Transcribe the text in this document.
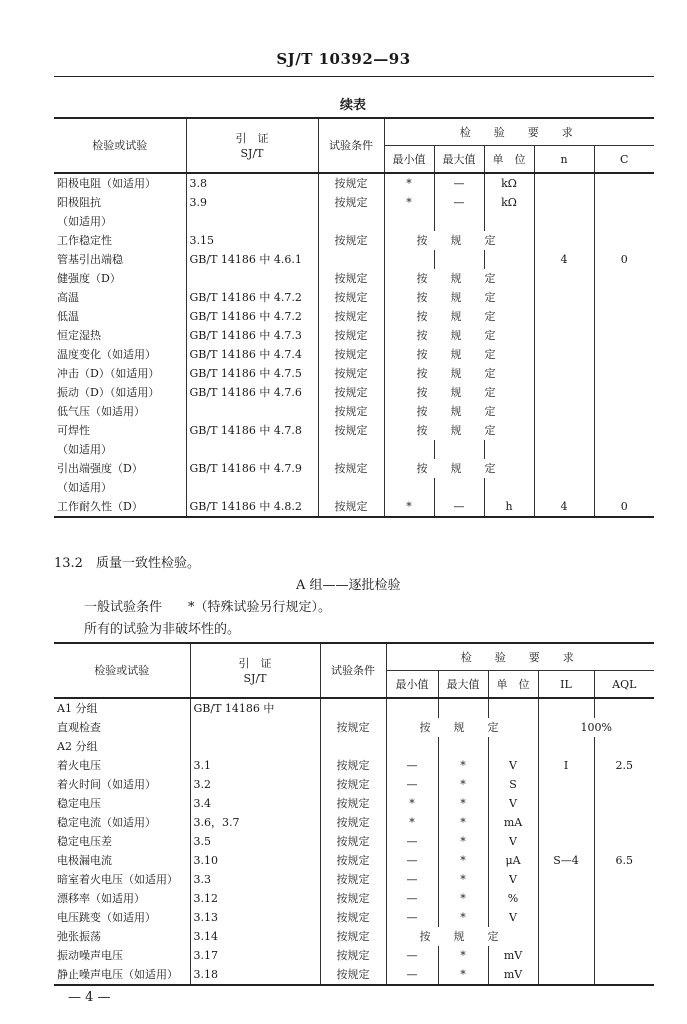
SJ/T 10392—93
续表
检验或试验	引　证
SJ/T	试验条件	检　验　要　求				
			最小值	最大值	单　位	n	C
阳极电阻（如适用）	3.8	按规定	*	—	kΩ		
阳极阻抗	3.9	按规定	*	—	kΩ		
（如适用）							
工作稳定性	3.15	按规定	按　规　定				
管基引出端稳	GB/T 14186 中 4.6.1					4	0
健强度（D）		按规定	按　规　定				
高温	GB/T 14186 中 4.7.2	按规定	按　规　定				
低温	GB/T 14186 中 4.7.2	按规定	按　规　定				
恒定湿热	GB/T 14186 中 4.7.3	按规定	按　规　定				
温度变化（如适用）	GB/T 14186 中 4.7.4	按规定	按　规　定				
冲击（D）（如适用）	GB/T 14186 中 4.7.5	按规定	按　规　定				
振动（D）（如适用）	GB/T 14186 中 4.7.6	按规定	按　规　定				
低气压（如适用）		按规定	按　规　定				
可焊性	GB/T 14186 中 4.7.8	按规定	按　规　定				
（如适用）							
引出端强度（D）	GB/T 14186 中 4.7.9	按规定	按　规　定				
（如适用）							
工作耐久性（D）	GB/T 14186 中 4.8.2	按规定	*	—	h	4	0
13.2　质量一致性检验。
A 组——逐批检验
一般试验条件　　*（特殊试验另行规定）。
所有的试验为非破坏性的。
检验或试验	引　证
SJ/T	试验条件	检　验　要　求				
			最小值	最大值	单　位	IL	AQL
A1 分组	GB/T 14186 中						
直观检查		按规定	按　规　定			100%	
A2 分组							
着火电压	3.1	按规定	—	*	V	I	2.5
着火时间（如适用）	3.2	按规定	—	*	S		
稳定电压	3.4	按规定	*	*	V		
稳定电流（如适用）	3.6，3.7	按规定	*	*	mA		
稳定电压差	3.5	按规定	—	*	V		
电极漏电流	3.10	按规定	—	*	μA	S—4	6.5
暗室着火电压（如适用）	3.3	按规定	—	*	V		
漂移率（如适用）	3.12	按规定	—	*	%		
电压跳变（如适用）	3.13	按规定	—	*	V		
弛张振荡	3.14	按规定	按　规　定				
振动噪声电压	3.17	按规定	—	*	mV		
静止噪声电压（如适用）	3.18	按规定	—	*	mV		
— 4 —
